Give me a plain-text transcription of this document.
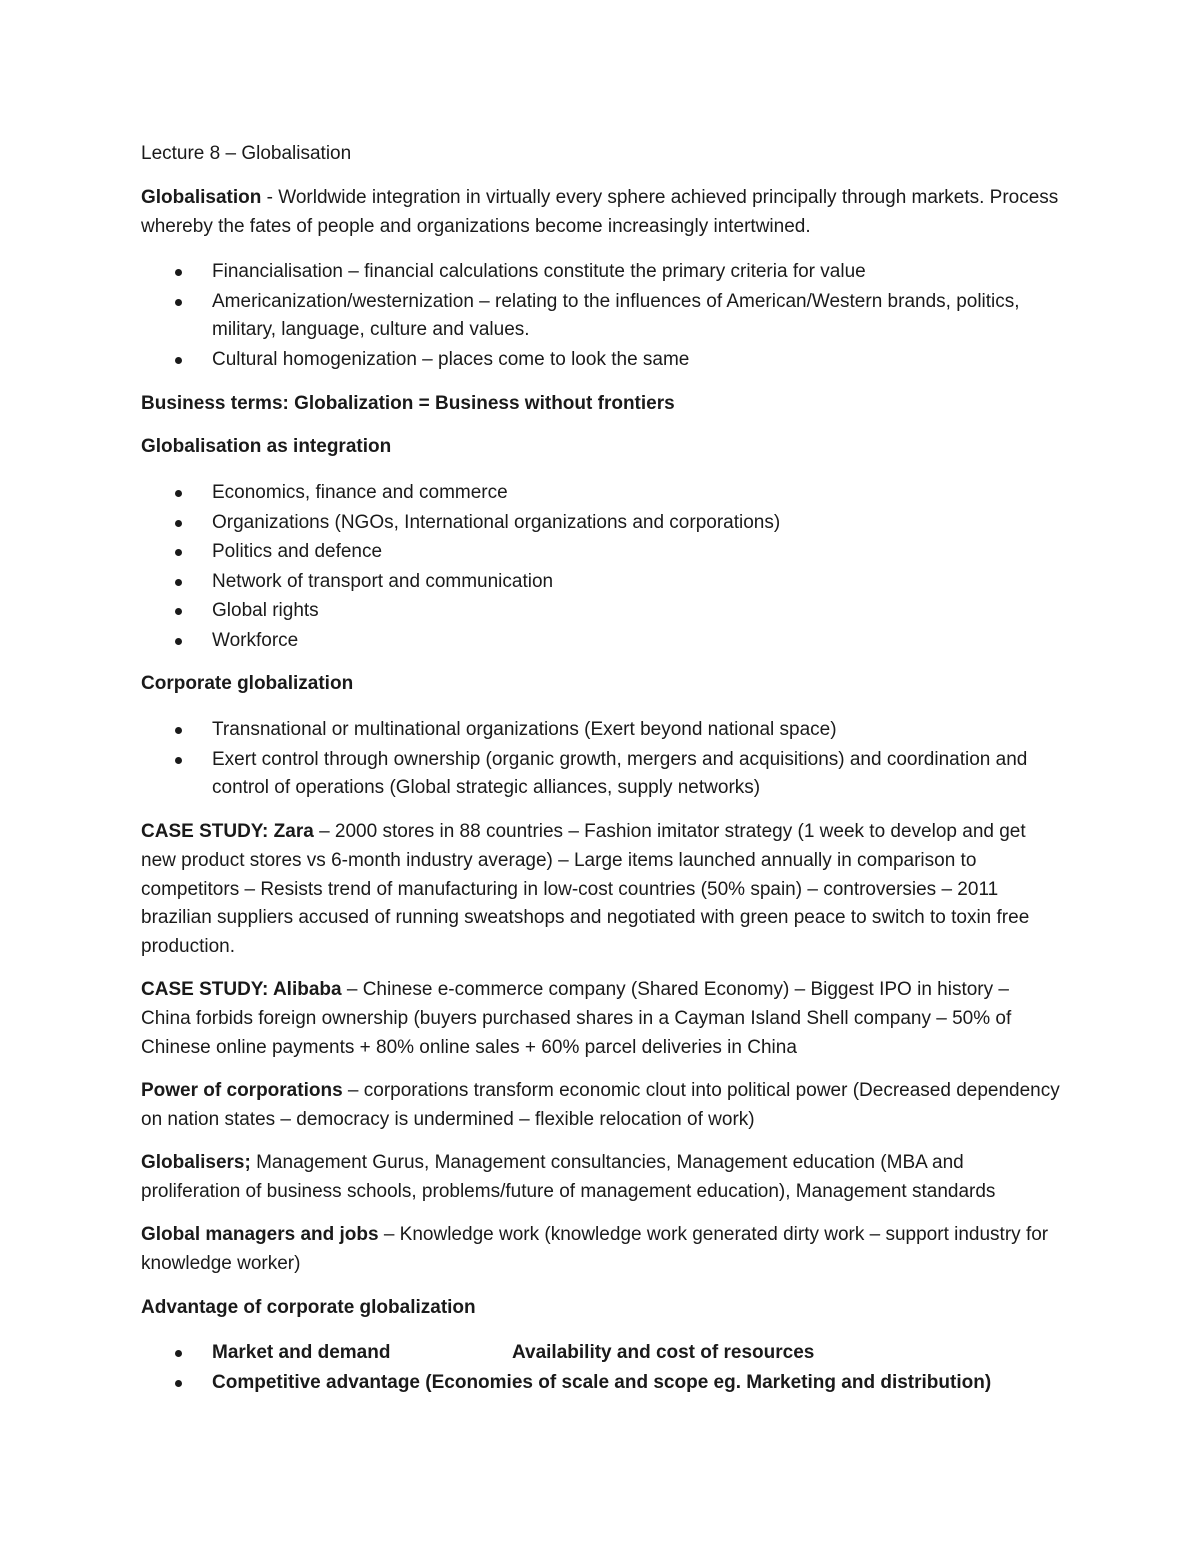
Lecture 8 – Globalisation

Globalisation - Worldwide integration in virtually every sphere achieved principally through markets. Process whereby the fates of people and organizations become increasingly intertwined.

Financialisation – financial calculations constitute the primary criteria for value
Americanization/westernization – relating to the influences of American/Western brands, politics, military, language, culture and values.
Cultural homogenization – places come to look the same

Business terms: Globalization = Business without frontiers

Globalisation as integration

Economics, finance and commerce
Organizations (NGOs, International organizations and corporations)
Politics and defence
Network of transport and communication
Global rights
Workforce

Corporate globalization

Transnational or multinational organizations (Exert beyond national space)
Exert control through ownership (organic growth, mergers and acquisitions) and coordination and control of operations (Global strategic alliances, supply networks)

CASE STUDY: Zara – 2000 stores in 88 countries – Fashion imitator strategy (1 week to develop and get new product stores vs 6-month industry average) – Large items launched annually in comparison to competitors – Resists trend of manufacturing in low-cost countries (50% spain) – controversies – 2011 brazilian suppliers accused of running sweatshops and negotiated with green peace to switch to toxin free production.

CASE STUDY: Alibaba – Chinese e-commerce company (Shared Economy) – Biggest IPO in history – China forbids foreign ownership (buyers purchased shares in a Cayman Island Shell company – 50% of Chinese online payments + 80% online sales + 60% parcel deliveries in China

Power of corporations – corporations transform economic clout into political power (Decreased dependency on nation states – democracy is undermined – flexible relocation of work)

Globalisers; Management Gurus, Management consultancies, Management education (MBA and proliferation of business schools, problems/future of management education), Management standards

Global managers and jobs – Knowledge work (knowledge work generated dirty work – support industry for knowledge worker)

Advantage of corporate globalization

Market and demand	Availability and cost of resources
Competitive advantage (Economies of scale and scope eg. Marketing and distribution)
